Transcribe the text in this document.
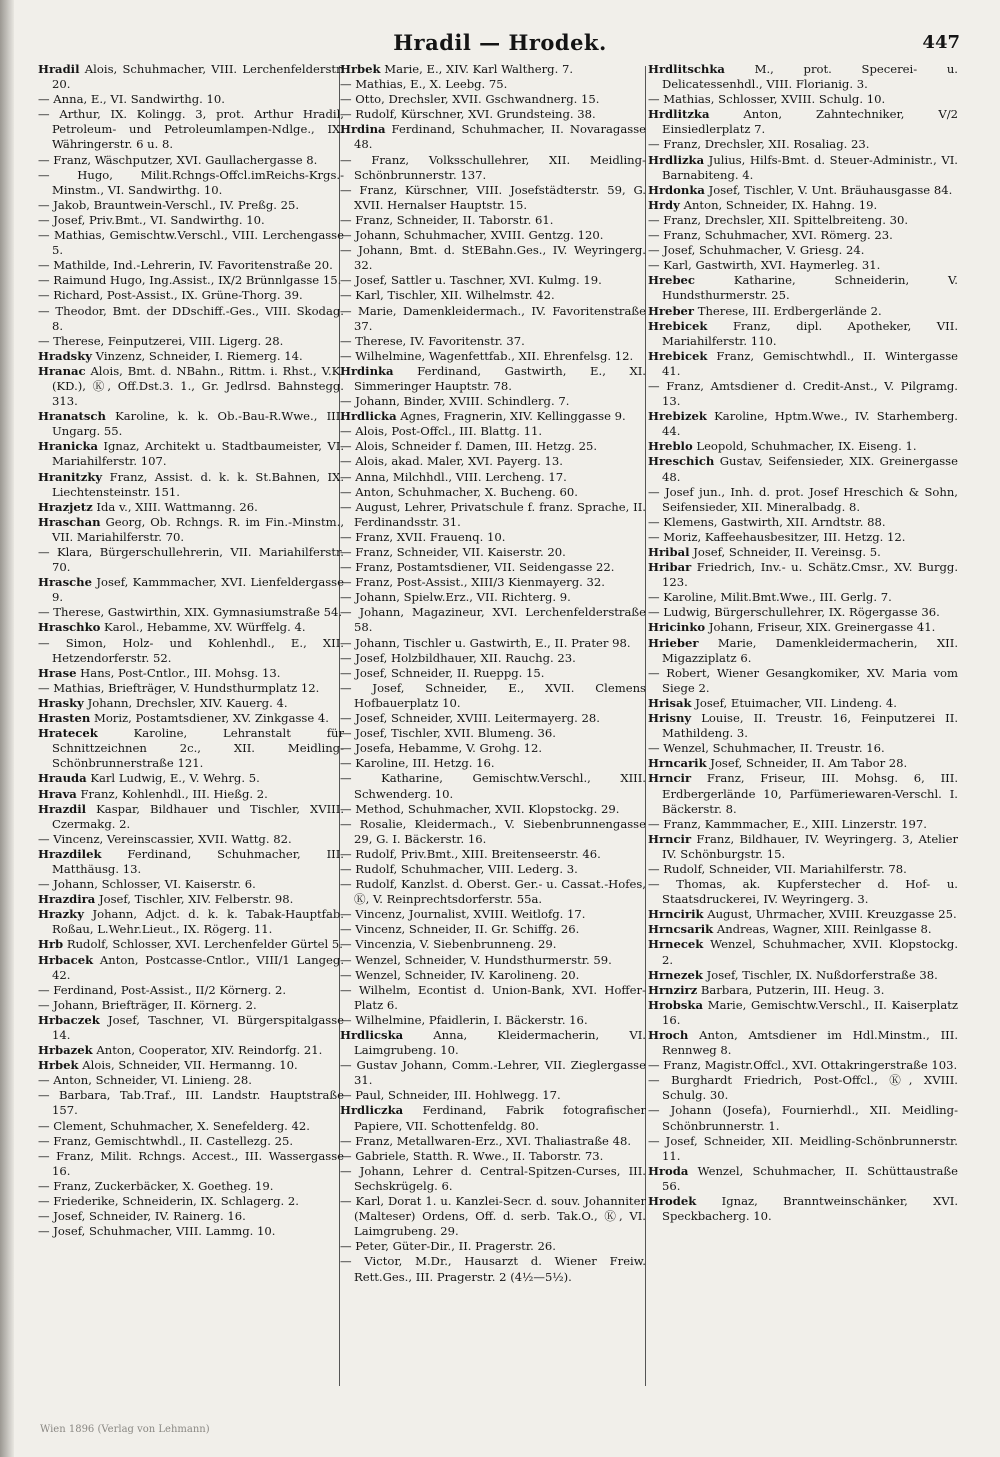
Hradil — Hrodek.	447

Hradil Alois, Schuhmacher, VIII. Lerchenfelderstr. 20.

— Anna, E., VI. Sandwirthg. 10.

— Arthur, IX. Kolingg. 3, prot. Arthur Hradil, Petroleum- und Petroleumlampen-Ndlge., IX. Währingerstr. 6 u. 8.

— Franz, Wäschputzer, XVI. Gaullachergasse 8.

— Hugo, Milit.Rchngs-Offcl.imReichs-Krgs.-Minstm., VI. Sandwirthg. 10.

— Jakob, Brauntwein-Verschl., IV. Preßg. 25.

— Josef, Priv.Bmt., VI. Sandwirthg. 10.

— Mathias, Gemischtw.Verschl., VIII. Lerchengasse 5.

— Mathilde, Ind.-Lehrerin, IV. Favoritenstraße 20.

— Raimund Hugo, Ing.Assist., IX/2 Brünnlgasse 15.

— Richard, Post-Assist., IX. Grüne-Thorg. 39.

— Theodor, Bmt. der DDschiff.-Ges., VIII. Skodag. 8.

— Therese, Feinputzerei, VIII. Ligerg. 28.

Hradsky Vinzenz, Schneider, I. Riemerg. 14.

Hranac Alois, Bmt. d. NBahn., Rittm. i. Rhst., V.K. (KD.), Ⓚ, Off.Dst.3. 1., Gr. Jedlrsd. Bahnstegg. 313.

Hranatsch Karoline, k. k. Ob.-Bau-R.Wwe., III. Ungarg. 55.

Hranicka Ignaz, Architekt u. Stadtbaumeister, VI. Mariahilferstr. 107.

Hranitzky Franz, Assist. d. k. k. St.Bahnen, IX. Liechtensteinstr. 151.

Hrazjetz Ida v., XIII. Wattmanng. 26.

Hraschan Georg, Ob. Rchngs. R. im Fin.-Minstm., VII. Mariahilferstr. 70.

— Klara, Bürgerschullehrerin, VII. Mariahilferstr. 70.

Hrasche Josef, Kammmacher, XVI. Lienfeldergasse 9.

— Therese, Gastwirthin, XIX. Gymnasiumstraße 54.

Hraschko Karol., Hebamme, XV. Würffelg. 4.

— Simon, Holz- und Kohlenhdl., E., XII. Hetzendorferstr. 52.

Hrase Hans, Post-Cntlor., III. Mohsg. 13.

— Mathias, Briefträger, V. Hundsthurmplatz 12.

Hrasky Johann, Drechsler, XIV. Kauerg. 4.

Hrasten Moriz, Postamtsdiener, XV. Zinkgasse 4.

Hratecek	Karoline, Lehranstalt für Schnittzeichnen 2c., XII. Meidling-Schönbrunnerstraße 121.

Hrauda Karl Ludwig, E., V. Wehrg. 5.

Hrava Franz, Kohlenhdl., III. Hießg. 2.

Hrazdil Kaspar, Bildhauer und Tischler, XVIII. Czermakg. 2.

— Vincenz, Vereinscassier, XVII. Wattg. 82.

Hrazdilek Ferdinand, Schuhmacher, III. Matthäusg. 13.

— Johann, Schlosser, VI. Kaiserstr. 6.

Hrazdira Josef, Tischler, XIV. Felberstr. 98.

Hrazky Johann, Adjct. d. k. k. Tabak-Hauptfab. Roßau, L.Wehr.Lieut., IX. Rögerg. 11.

Hrb Rudolf, Schlosser, XVI. Lerchenfelder Gürtel 5.

Hrbacek Anton, Postcasse-Cntlor., VIII/1 Langeg. 42.

— Ferdinand, Post-Assist., II/2 Körnerg. 2.

— Johann, Briefträger, II. Körnerg. 2.

Hrbaczek Josef, Taschner, VI. Bürgerspitalgasse 14.

Hrbazek Anton, Cooperator, XIV. Reindorfg. 21.

Hrbek Alois, Schneider, VII. Hermanng. 10.

— Anton, Schneider, VI. Linieng. 28.

— Barbara, Tab.Traf., III. Landstr. Hauptstraße 157.

— Clement, Schuhmacher, X. Senefelderg. 42.

— Franz, Gemischtwhdl., II. Castellezg. 25.

— Franz, Milit. Rchngs. Accest., III. Wassergasse 16.

— Franz, Zuckerbäcker, X. Goetheg. 19.

— Friederike, Schneiderin, IX. Schlagerg. 2.

— Josef, Schneider, IV. Rainerg. 16.

— Josef, Schuhmacher, VIII. Lammg. 10.

Hrbek Marie, E., XIV. Karl Waltherg. 7.

— Mathias, E., X. Leebg. 75.

— Otto, Drechsler, XVII. Gschwandnerg. 15.

— Rudolf, Kürschner, XVI. Grundsteing. 38.

Hrdina Ferdinand, Schuhmacher, II. Novaragasse 48.

— Franz, Volksschullehrer, XII. Meidling-Schönbrunnerstr. 137.

— Franz, Kürschner, VIII. Josefstädterstr. 59, G. XVII. Hernalser Hauptstr. 15.

— Franz, Schneider, II. Taborstr. 61.

— Johann, Schuhmacher, XVIII. Gentzg. 120.

— Johann, Bmt. d. StEBahn.Ges., IV. Weyringerg. 32.

— Josef, Sattler u. Taschner, XVI. Kulmg. 19.

— Karl, Tischler, XII. Wilhelmstr. 42.

— Marie, Damenkleidermach., IV. Favoritenstraße 37.

— Therese, IV. Favoritenstr. 37.

— Wilhelmine, Wagenfettfab., XII. Ehrenfelsg. 12.

Hrdinka Ferdinand, Gastwirth, E., XI. Simmeringer Hauptstr. 78.

— Johann, Binder, XVIII. Schindlerg. 7.

Hrdlicka Agnes, Fragnerin, XIV. Kellinggasse 9.

— Alois, Post-Offcl., III. Blattg. 11.

— Alois, Schneider f. Damen, III. Hetzg. 25.

— Alois, akad. Maler, XVI. Payerg. 13.

— Anna, Milchhdl., VIII. Lercheng. 17.

— Anton, Schuhmacher, X. Bucheng. 60.

— August, Lehrer, Privatschule f. franz. Sprache, II. Ferdinandsstr. 31.

— Franz, XVII. Frauenq. 10.

— Franz, Schneider, VII. Kaiserstr. 20.

— Franz, Postamtsdiener, VII. Seidengasse 22.

— Franz, Post-Assist., XIII/3 Kienmayerg. 32.

— Johann, Spielw.Erz., VII. Richterg. 9.

— Johann, Magazineur, XVI. Lerchenfelderstraße 58.

— Johann, Tischler u. Gastwirth, E., II. Prater 98.

— Josef, Holzbildhauer, XII. Rauchg. 23.

— Josef, Schneider, II. Rueppg. 15.

— Josef, Schneider, E., XVII. Clemens Hofbauerplatz 10.

— Josef, Schneider, XVIII. Leitermayerg. 28.

— Josef, Tischler, XVII. Blumeng. 36.

— Josefa, Hebamme, V. Grohg. 12.

— Karoline, III. Hetzg. 16.

— Katharine, Gemischtw.Verschl., XIII. Schwenderg. 10.

— Method, Schuhmacher, XVII. Klopstockg. 29.

— Rosalie, Kleidermach., V. Siebenbrunnengasse 29, G. I. Bäckerstr. 16.

— Rudolf, Priv.Bmt., XIII. Breitenseerstr. 46.

— Rudolf, Schuhmacher, VIII. Lederg. 3.

— Rudolf, Kanzlst. d. Oberst. Ger.- u. Cassat.-Hofes, Ⓚ, V. Reinprechtsdorferstr. 55a.

— Vincenz, Journalist, XVIII. Weitlofg. 17.

— Vincenz, Schneider, II. Gr. Schiffg. 26.

— Vincenzia, V. Siebenbrunneng. 29.

— Wenzel, Schneider, V. Hundsthurmerstr. 59.

— Wenzel, Schneider, IV. Karolineng. 20.

— Wilhelm, Econtist d. Union-Bank, XVI. Hoffer-Platz 6.

— Wilhelmine, Pfaidlerin, I. Bäckerstr. 16.

Hrdlicska	Anna, Kleidermacherin, VI. Laimgrubeng. 10.

— Gustav Johann, Comm.-Lehrer, VII. Zieglergasse 31.

— Paul, Schneider, III. Hohlwegg. 17.

Hrdliczka Ferdinand, Fabrik fotografischer Papiere, VII. Schottenfeldg. 80.

— Franz, Metallwaren-Erz., XVI. Thaliastraße 48.

— Gabriele, Statth. R. Wwe., II. Taborstr. 73.

— Johann, Lehrer d. Central-Spitzen-Curses, III. Sechskrügelg. 6.

— Karl, Dorat 1. u. Kanzlei-Secr. d. souv. Johanniter (Malteser) Ordens, Off. d. serb. Tak.O., Ⓚ, VI. Laimgrubeng. 29.

— Peter, Güter-Dir., II. Pragerstr. 26.

— Victor, M.Dr., Hausarzt d. Wiener Freiw. Rett.Ges., III. Pragerstr. 2 (4½—5½).

Hrdlitschka	M., prot. Specerei- u. Delicatessenhdl., VIII. Florianig. 3.

— Mathias, Schlosser, XVIII. Schulg. 10.

Hrdlitzka	Anton, Zahntechniker, V/2 Einsiedlerplatz 7.

— Franz, Drechsler, XII. Rosaliag. 23.

Hrdlizka Julius, Hilfs-Bmt. d. Steuer-Administr., VI. Barnabiteng. 4.

Hrdonka Josef, Tischler, V. Unt. Bräuhausgasse 84.

Hrdy Anton, Schneider, IX. Hahng. 19.

— Franz, Drechsler, XII. Spittelbreiteng. 30.

— Franz, Schuhmacher, XVI. Römerg. 23.

— Josef, Schuhmacher, V. Griesg. 24.

— Karl, Gastwirth, XVI. Haymerleg. 31.

Hrebec	Katharine, Schneiderin, V. Hundsthurmerstr. 25.

Hreber Therese, III. Erdbergerlände 2.

Hrebicek Franz, dipl. Apotheker, VII. Mariahilferstr. 110.

Hrebicek Franz, Gemischtwhdl., II. Wintergasse 41.

— Franz, Amtsdiener d. Credit-Anst., V. Pilgramg. 13.

Hrebizek Karoline, Hptm.Wwe., IV. Starhemberg. 44.

Hreblo Leopold, Schuhmacher, IX. Eiseng. 1.

Hreschich Gustav, Seifensieder, XIX. Greinergasse 48.

— Josef jun., Inh. d. prot. Josef Hreschich & Sohn, Seifensieder, XII. Mineralbadg. 8.

— Klemens, Gastwirth, XII. Arndtstr. 88.

— Moriz, Kaffeehausbesitzer, III. Hetzg. 12.

Hribal Josef, Schneider, II. Vereinsg. 5.

Hribar Friedrich, Inv.- u. Schätz.Cmsr., XV. Burgg. 123.

— Karoline, Milit.Bmt.Wwe., III. Gerlg. 7.

— Ludwig, Bürgerschullehrer, IX. Rögergasse 36.

Hricinko Johann, Friseur, XIX. Greinergasse 41.

Hrieber Marie, Damenkleidermacherin, XII. Migazziplatz 6.

— Robert, Wiener Gesangkomiker, XV. Maria vom Siege 2.

Hrisak Josef, Etuimacher, VII. Lindeng. 4.

Hrisny Louise, II. Treustr. 16, Feinputzerei II. Mathildeng. 3.

— Wenzel, Schuhmacher, II. Treustr. 16.

Hrncarik Josef, Schneider, II. Am Tabor 28.

Hrncir Franz, Friseur, III. Mohsg. 6, III. Erdbergerlände 10, Parfümeriewaren-Verschl. I. Bäckerstr. 8.

— Franz, Kammmacher, E., XIII. Linzerstr. 197.

Hrncir Franz, Bildhauer, IV. Weyringerg. 3, Atelier IV. Schönburgstr. 15.

— Rudolf, Schneider, VII. Mariahilferstr. 78.

— Thomas, ak. Kupferstecher d. Hof- u. Staatsdruckerei, IV. Weyringerg. 3.

Hrncirik August, Uhrmacher, XVIII. Kreuzgasse 25.

Hrncsarik Andreas, Wagner, XIII. Reinlgasse 8.

Hrnecek Wenzel, Schuhmacher, XVII. Klopstockg. 2.

Hrnezek Josef, Tischler, IX. Nußdorferstraße 38.

Hrnzirz Barbara, Putzerin, III. Heug. 3.

Hrobska Marie, Gemischtw.Verschl., II. Kaiserplatz 16.

Hroch Anton, Amtsdiener im Hdl.Minstm., III. Rennweg 8.

— Franz, Magistr.Offcl., XVI. Ottakringerstraße 103.

— Burghardt Friedrich, Post-Offcl., Ⓚ, XVIII. Schulg. 30.

— Johann (Josefa), Fournierhdl., XII. Meidling-Schönbrunnerstr. 1.

— Josef, Schneider, XII. Meidling-Schönbrunnerstr. 11.

Hroda Wenzel, Schuhmacher, II. Schüttaustraße 56.

Hrodek Ignaz, Branntweinschänker, XVI. Speckbacherg. 10.

Wien 1896 (Verlag von Lehmann)
